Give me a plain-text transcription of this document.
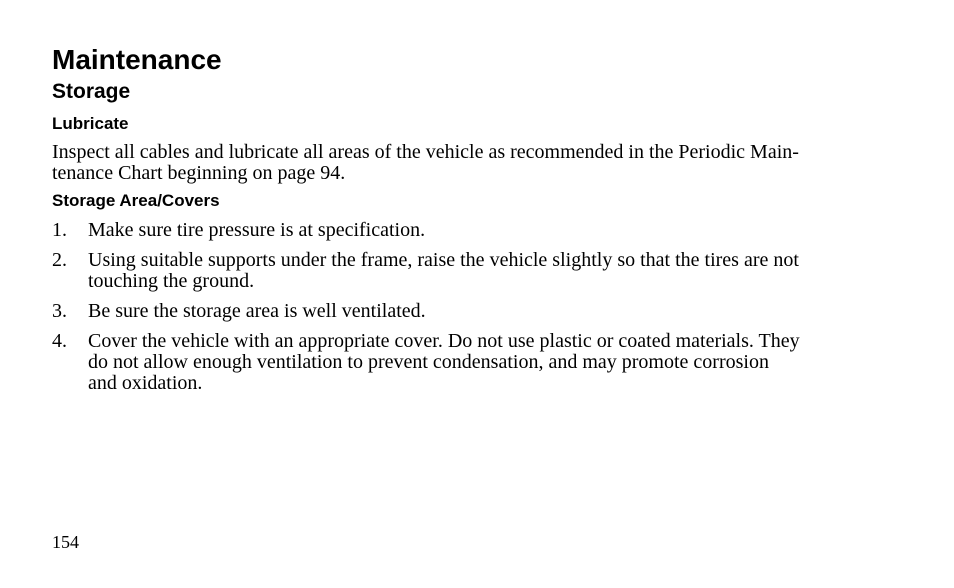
Maintenance
Storage
Lubricate

Inspect all cables and lubricate all areas of the vehicle as recommended in the Periodic Main-
tenance Chart beginning on page 94.

Storage Area/Covers
1. Make sure tire pressure is at specification.
2. Using suitable supports under the frame, raise the vehicle slightly so that the tires are not
touching the ground.
3. Be sure the storage area is well ventilated.
4. Cover the vehicle with an appropriate cover. Do not use plastic or coated materials. They
do not allow enough ventilation to prevent condensation, and may promote corrosion
and oxidation.

154
